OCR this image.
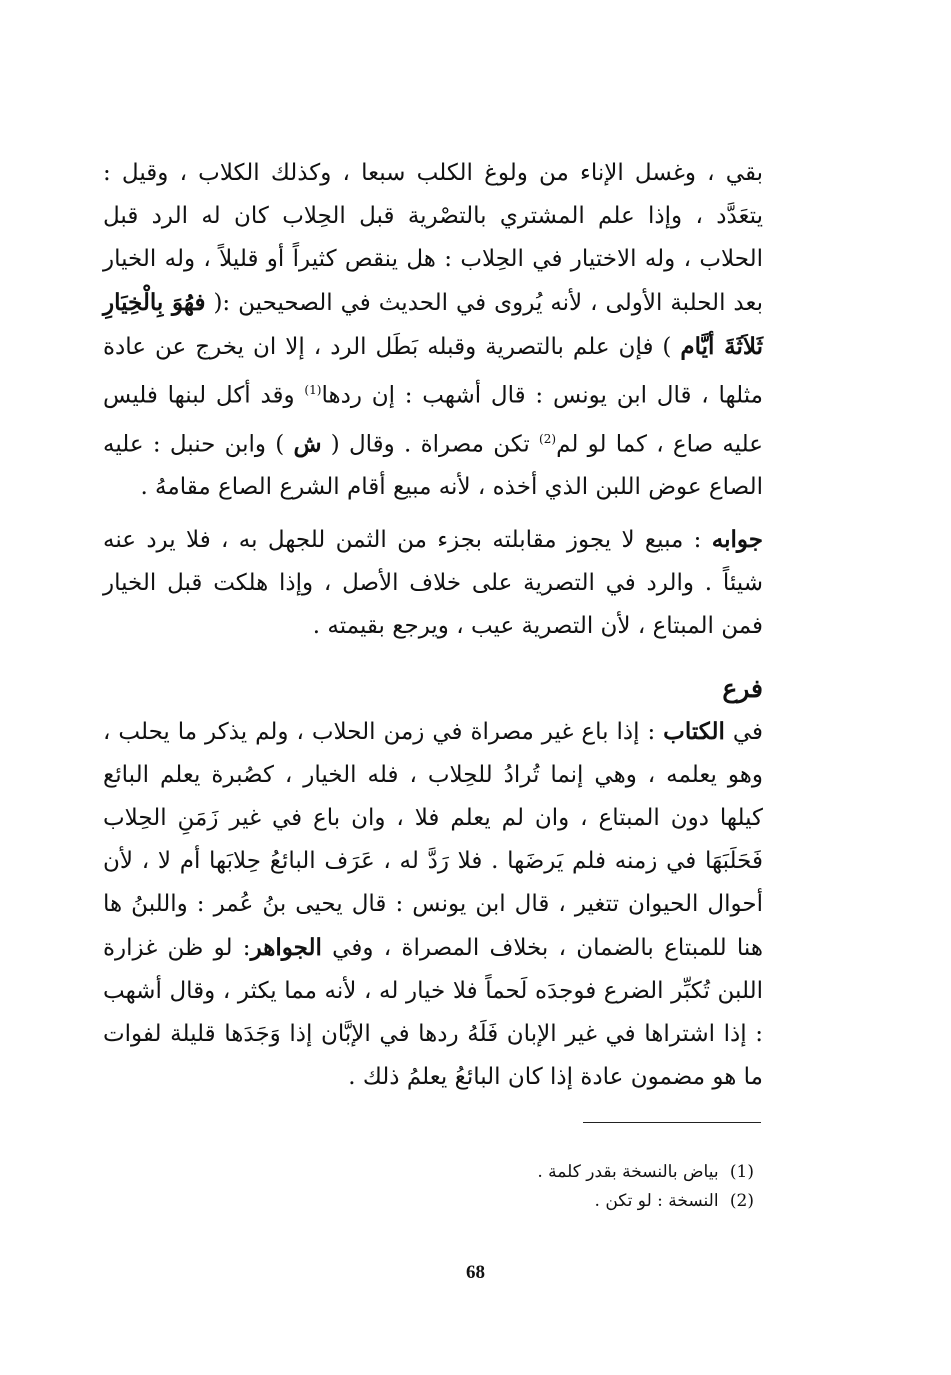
بقي ، وغسل الإناء من ولوغ الكلب سبعا ، وكذلك الكلاب ، وقيل : يتعَدَّد ، وإذا علم المشتري بالتصْرية قبل الحِلاب كان له الرد قبل الحلاب ، وله الاختيار في الحِلاب : هل ينقص كثيراً أو قليلاً ، وله الخيار بعد الحلبة الأولى ، لأنه يُروى في الحديث في الصحيحين :( فهُوَ بِالْخِيَارِ ثَلاَثَةَ أيَّام ) فإن علم بالتصرية وقبله بَطَل الرد ، إلا ان يخرج عن عادة مثلها ، قال ابن يونس : قال أشهب : إن ردها$^{(1)}$ وقد أكل لبنها فليس عليه صاع ، كما لو لم$^{(2)}$ تكن مصراة . وقال ( ش ) وابن حنبل : عليه الصاع عوض اللبن الذي أخذه ، لأنه مبيع أقام الشرع الصاع مقامهُ .

جوابه : مبيع لا يجوز مقابلته بجزء من الثمن للجهل به ، فلا يرد عنه شيئاً . والرد في التصرية على خلاف الأصل ، وإذا هلكت قبل الخيار فمن المبتاع ، لأن التصرية عيب ، ويرجع بقيمته .

فرع

في الكتاب : إذا باع غير مصراة في زمن الحلاب ، ولم يذكر ما يحلب ، وهو يعلمه ، وهي إنما تُرادُ للحِلاب ، فله الخيار ، كصُبرة يعلم البائع كيلها دون المبتاع ، وان لم يعلم فلا ، وان باع في غير زَمَنِ الحِلاب فَحَلَبَهَا في زمنه فلم يَرضَها . فلا رَدَّ له ، عَرَف البائعُ حِلابَها أم لا ، لأن أحوال الحيوان تتغير ، قال ابن يونس : قال يحيى بنُ عُمر : واللبنُ ها هنا للمبتاع بالضمان ، بخلاف المصراة ، وفي الجواهر: لو ظن غزارة اللبن تُكبِّر الضرع فوجدَه لَحماً فلا خيار له ، لأنه مما يكثر ، وقال أشهب : إذا اشتراها في غير الإبان فَلَهُ ردها في الإبَّان إذا وَجَدَها قليلة لفوات ما هو مضمون عادة إذا كان البائعُ يعلمُ ذلك .

(1) بياض بالنسخة بقدر كلمة .
(2) النسخة : لو تكن .
68
